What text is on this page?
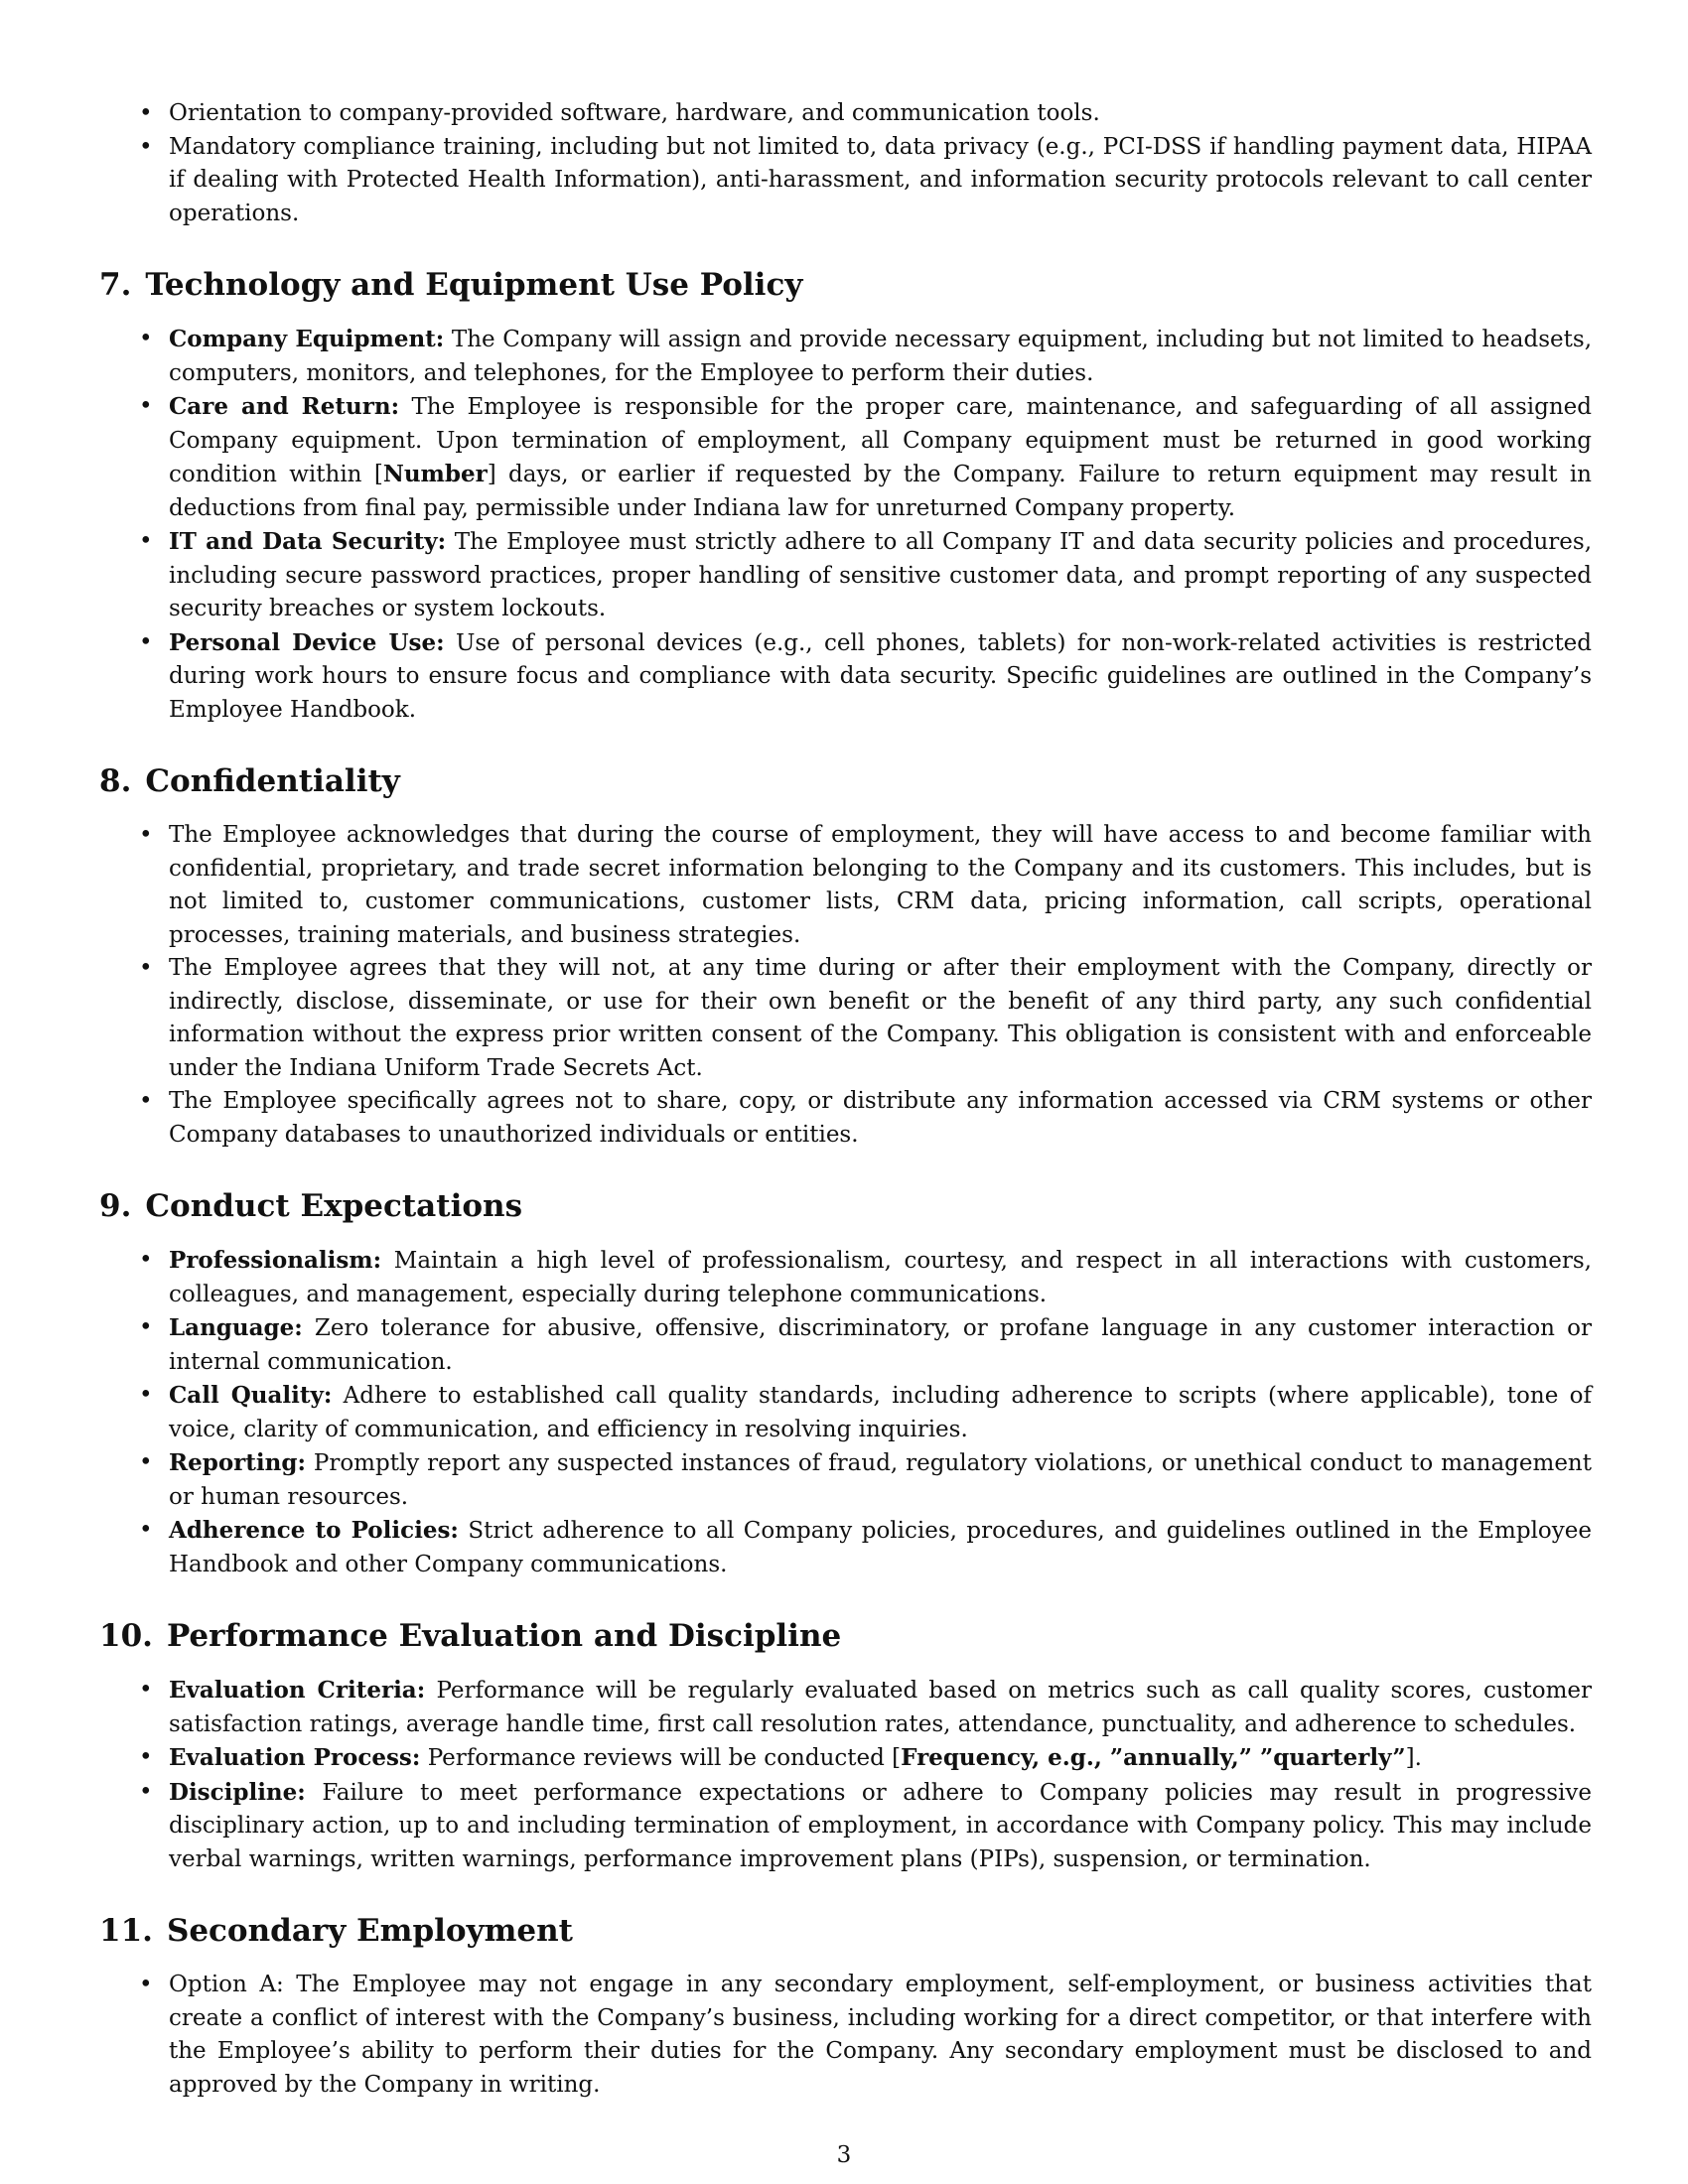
• Orientation to company-provided software, hardware, and communication tools.
• Mandatory compliance training, including but not limited to, data privacy (e.g., PCI-DSS if handling payment data, HIPAA if dealing with Protected Health Information), anti-harassment, and information security protocols relevant to call center operations.
7. Technology and Equipment Use Policy
• Company Equipment: The Company will assign and provide necessary equipment, including but not limited to headsets, computers, monitors, and telephones, for the Employee to perform their duties.
• Care and Return: The Employee is responsible for the proper care, maintenance, and safeguarding of all assigned Company equipment. Upon termination of employment, all Company equipment must be returned in good working condition within [Number] days, or earlier if requested by the Company. Failure to return equipment may result in deductions from final pay, permissible under Indiana law for unreturned Company property.
• IT and Data Security: The Employee must strictly adhere to all Company IT and data security policies and procedures, including secure password practices, proper handling of sensitive customer data, and prompt reporting of any suspected security breaches or system lockouts.
• Personal Device Use: Use of personal devices (e.g., cell phones, tablets) for non-work-related activities is restricted during work hours to ensure focus and compliance with data security. Specific guidelines are outlined in the Company’s Employee Handbook.
8. Confidentiality
• The Employee acknowledges that during the course of employment, they will have access to and become familiar with confidential, proprietary, and trade secret information belonging to the Company and its customers. This includes, but is not limited to, customer communications, customer lists, CRM data, pricing information, call scripts, operational processes, training materials, and business strategies.
• The Employee agrees that they will not, at any time during or after their employment with the Company, directly or indirectly, disclose, disseminate, or use for their own benefit or the benefit of any third party, any such confidential information without the express prior written consent of the Company. This obligation is consistent with and enforceable under the Indiana Uniform Trade Secrets Act.
• The Employee specifically agrees not to share, copy, or distribute any information accessed via CRM systems or other Company databases to unauthorized individuals or entities.
9. Conduct Expectations
• Professionalism: Maintain a high level of professionalism, courtesy, and respect in all interactions with customers, colleagues, and management, especially during telephone communications.
• Language: Zero tolerance for abusive, offensive, discriminatory, or profane language in any customer interaction or internal communication.
• Call Quality: Adhere to established call quality standards, including adherence to scripts (where applicable), tone of voice, clarity of communication, and efficiency in resolving inquiries.
• Reporting: Promptly report any suspected instances of fraud, regulatory violations, or unethical conduct to management or human resources.
• Adherence to Policies: Strict adherence to all Company policies, procedures, and guidelines outlined in the Employee Handbook and other Company communications.
10. Performance Evaluation and Discipline
• Evaluation Criteria: Performance will be regularly evaluated based on metrics such as call quality scores, customer satisfaction ratings, average handle time, first call resolution rates, attendance, punctuality, and adherence to schedules.
• Evaluation Process: Performance reviews will be conducted [Frequency, e.g., ”annually,” ”quarterly”].
• Discipline: Failure to meet performance expectations or adhere to Company policies may result in progressive disciplinary action, up to and including termination of employment, in accordance with Company policy. This may include verbal warnings, written warnings, performance improvement plans (PIPs), suspension, or termination.
11. Secondary Employment
• Option A: The Employee may not engage in any secondary employment, self-employment, or business activities that create a conflict of interest with the Company’s business, including working for a direct competitor, or that interfere with the Employee’s ability to perform their duties for the Company. Any secondary employment must be disclosed to and approved by the Company in writing.
3
